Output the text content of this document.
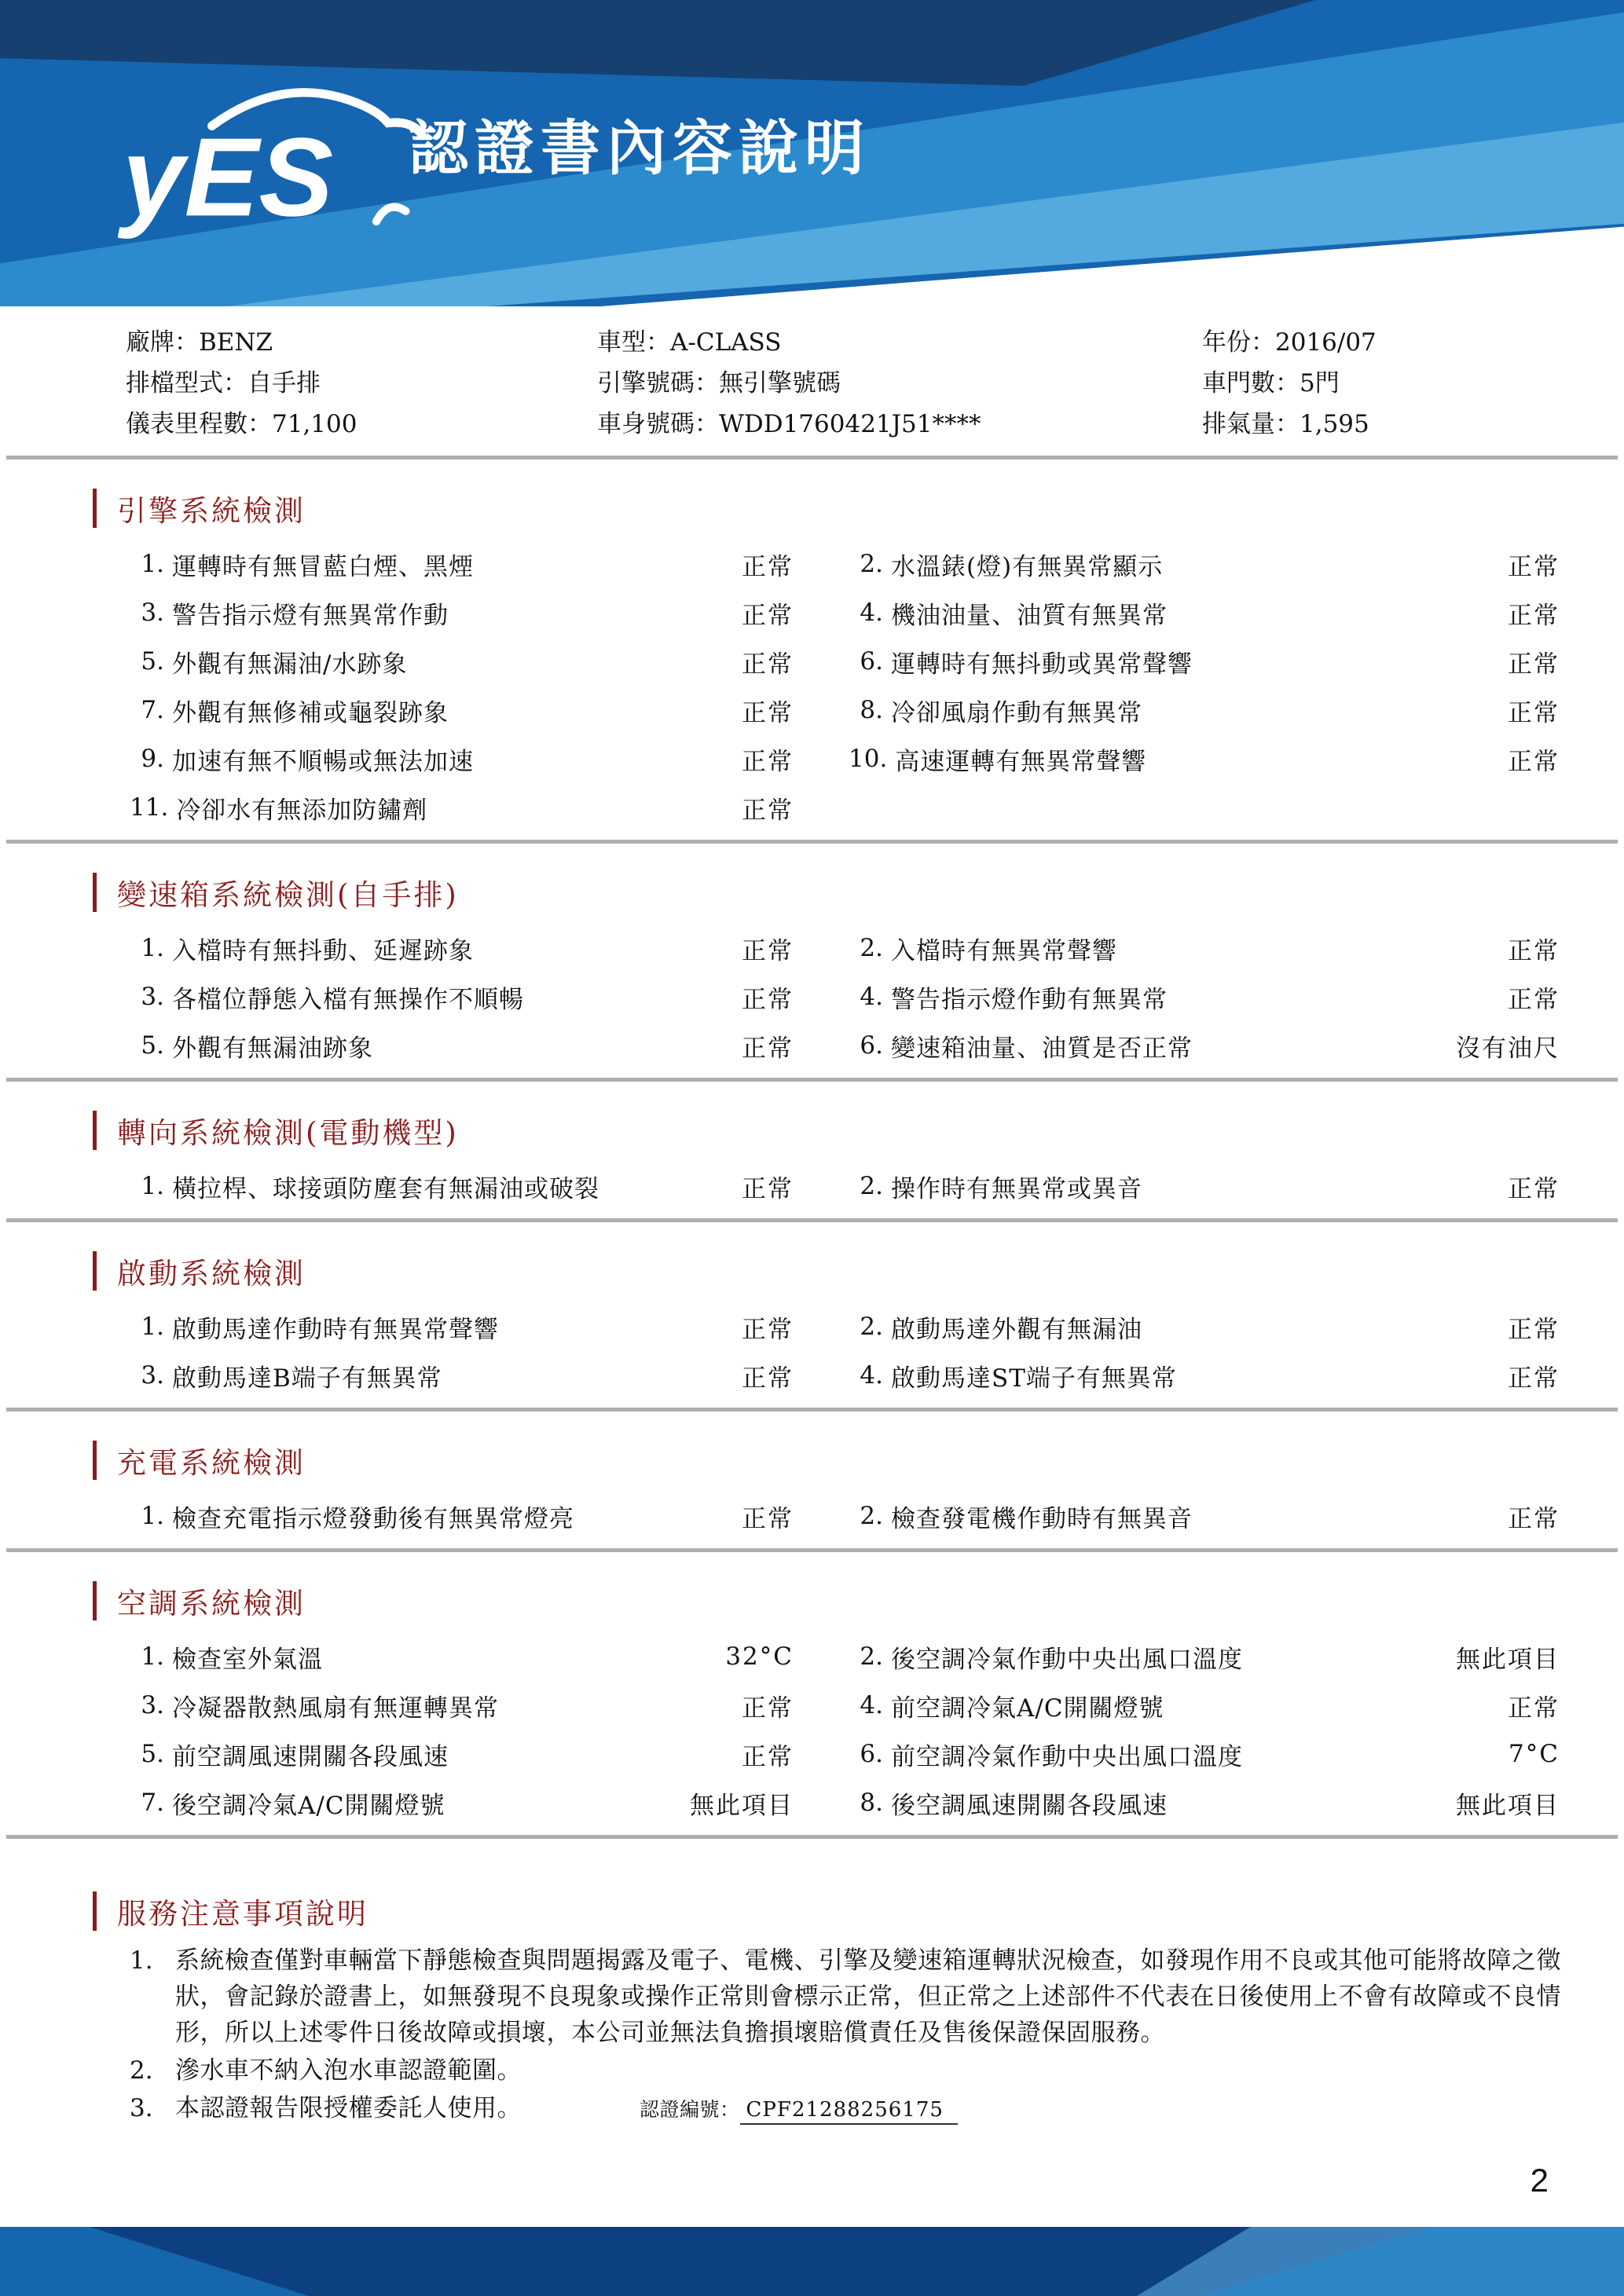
yES 認證書內容說明
廠牌：BENZ	車型：A-CLASS	年份：2016/07
排檔型式：自手排	引擎號碼：無引擎號碼	車門數：5門
儀表里程數：71,100	車身號碼：WDD1760421J51****	排氣量：1,595
引擎系統檢測
1. 運轉時有無冒藍白煙、黑煙	正常	2. 水溫錶(燈)有無異常顯示	正常
3. 警告指示燈有無異常作動	正常	4. 機油油量、油質有無異常	正常
5. 外觀有無漏油/水跡象	正常	6. 運轉時有無抖動或異常聲響	正常
7. 外觀有無修補或龜裂跡象	正常	8. 冷卻風扇作動有無異常	正常
9. 加速有無不順暢或無法加速	正常 10. 高速運轉有無異常聲響	正常
11. 冷卻水有無添加防鏽劑	正常
變速箱系統檢測(自手排)
1. 入檔時有無抖動、延遲跡象	正常	2. 入檔時有無異常聲響	正常
3. 各檔位靜態入檔有無操作不順暢	正常	4. 警告指示燈作動有無異常	正常
5. 外觀有無漏油跡象	正常	6. 變速箱油量、油質是否正常	沒有油尺
轉向系統檢測(電動機型)
1. 橫拉桿、球接頭防塵套有無漏油或破裂	正常	2. 操作時有無異常或異音	正常
啟動系統檢測
1. 啟動馬達作動時有無異常聲響	正常	2. 啟動馬達外觀有無漏油	正常
3. 啟動馬達B端子有無異常	正常	4. 啟動馬達ST端子有無異常	正常
充電系統檢測
1. 檢查充電指示燈發動後有無異常燈亮	正常	2. 檢查發電機作動時有無異音	正常
空調系統檢測
1. 檢查室外氣溫	32°C	2. 後空調冷氣作動中央出風口溫度	無此項目
3. 冷凝器散熱風扇有無運轉異常	正常	4. 前空調冷氣A/C開關燈號	正常
5. 前空調風速開關各段風速	正常	6. 前空調冷氣作動中央出風口溫度	7°C
7. 後空調冷氣A/C開關燈號	無此項目	8. 後空調風速開關各段風速	無此項目
服務注意事項說明
1. 系統檢查僅對車輛當下靜態檢查與問題揭露及電子、電機、引擎及變速箱運轉狀況檢查，如發現作用不良或其他可能將故障之徵狀，會記錄於證書上，如無發現不良現象或操作正常則會標示正常，但正常之上述部件不代表在日後使用上不會有故障或不良情形，所以上述零件日後故障或損壞，本公司並無法負擔損壞賠償責任及售後保證保固服務。
2. 滲水車不納入泡水車認證範圍。
3. 本認證報告限授權委託人使用。	認證編號： CPF21288256175
2
